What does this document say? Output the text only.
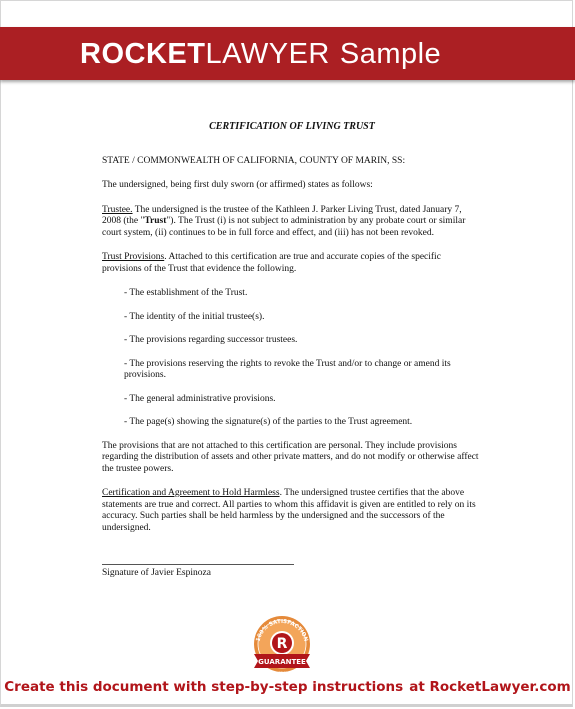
ROCKETLAWYER Sample
CERTIFICATION OF LIVING TRUST
STATE / COMMONWEALTH OF CALIFORNIA, COUNTY OF MARIN, SS:
The undersigned, being first duly sworn (or affirmed) states as follows:
Trustee. The undersigned is the trustee of the Kathleen J. Parker Living Trust, dated January 7, 2008 (the "Trust"). The Trust (i) is not subject to administration by any probate court or similar court system, (ii) continues to be in full force and effect, and (iii) has not been revoked.
Trust Provisions. Attached to this certification are true and accurate copies of the specific provisions of the Trust that evidence the following.
- The establishment of the Trust.
- The identity of the initial trustee(s).
- The provisions regarding successor trustees.
- The provisions reserving the rights to revoke the Trust and/or to change or amend its provisions.
- The general administrative provisions.
- The page(s) showing the signature(s) of the parties to the Trust agreement.
The provisions that are not attached to this certification are personal. They include provisions regarding the distribution of assets and other private matters, and do not modify or otherwise affect the trustee powers.
Certification and Agreement to Hold Harmless. The undersigned trustee certifies that the above statements are true and correct. All parties to whom this affidavit is given are entitled to rely on its accuracy. Such parties shall be held harmless by the undersigned and the successors of the undersigned.
Signature of Javier Espinoza
100% SATISFACTION
R
GUARANTEE
OUR PROMISE
Create this document with step-by-step instructions at RocketLawyer.com
